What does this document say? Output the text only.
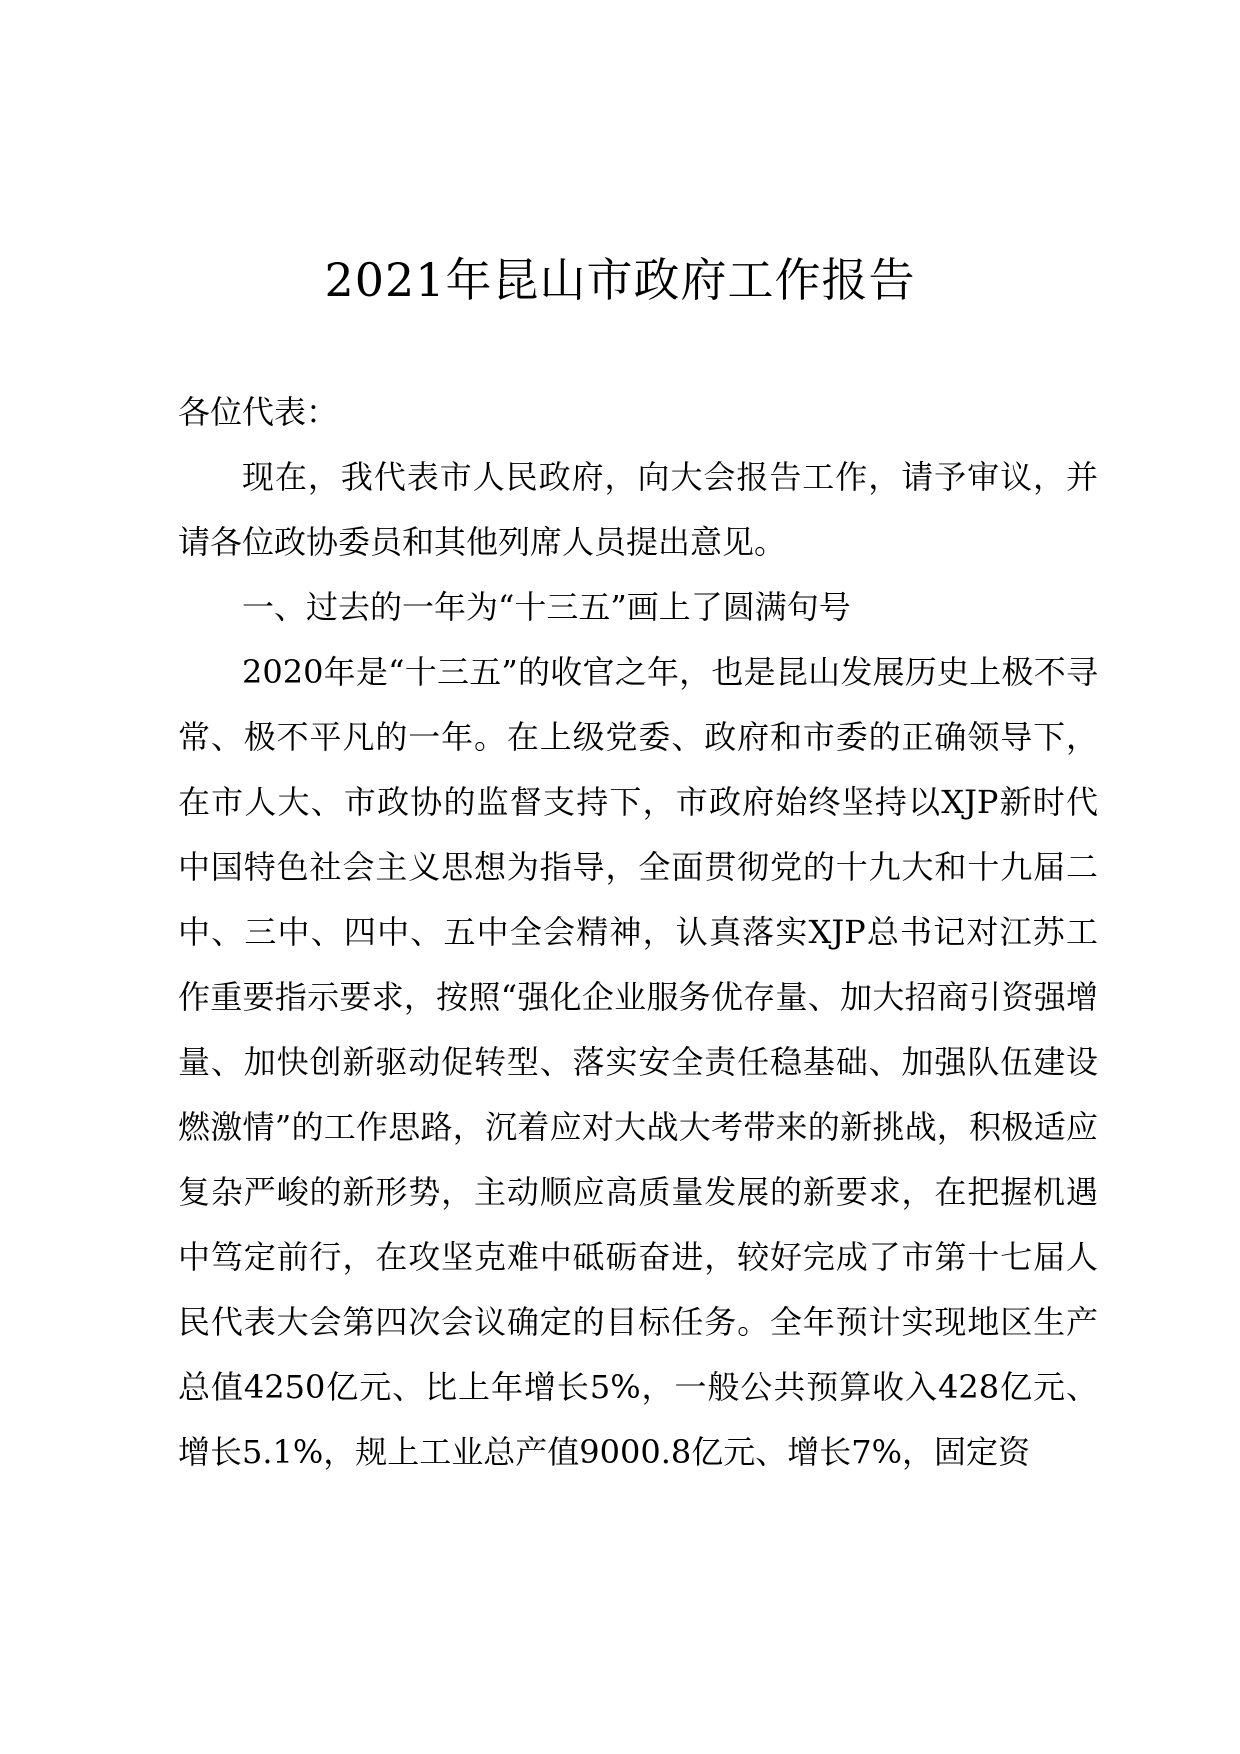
2021年昆山市政府工作报告

各位代表：

现在，我代表市人民政府，向大会报告工作，请予审议，并请各位政协委员和其他列席人员提出意见。

一、过去的一年为“十三五”画上了圆满句号

2020年是“十三五”的收官之年，也是昆山发展历史上极不寻常、极不平凡的一年。在上级党委、政府和市委的正确领导下，在市人大、市政协的监督支持下，市政府始终坚持以XJP新时代中国特色社会主义思想为指导，全面贯彻党的十九大和十九届二中、三中、四中、五中全会精神，认真落实XJP总书记对江苏工作重要指示要求，按照“强化企业服务优存量、加大招商引资强增量、加快创新驱动促转型、落实安全责任稳基础、加强队伍建设燃激情”的工作思路，沉着应对大战大考带来的新挑战，积极适应复杂严峻的新形势，主动顺应高质量发展的新要求，在把握机遇中笃定前行，在攻坚克难中砥砺奋进，较好完成了市第十七届人民代表大会第四次会议确定的目标任务。全年预计实现地区生产总值4250亿元、比上年增长5%，一般公共预算收入428亿元、增长5.1%，规上工业总产值9000.8亿元、增长7%，固定资
